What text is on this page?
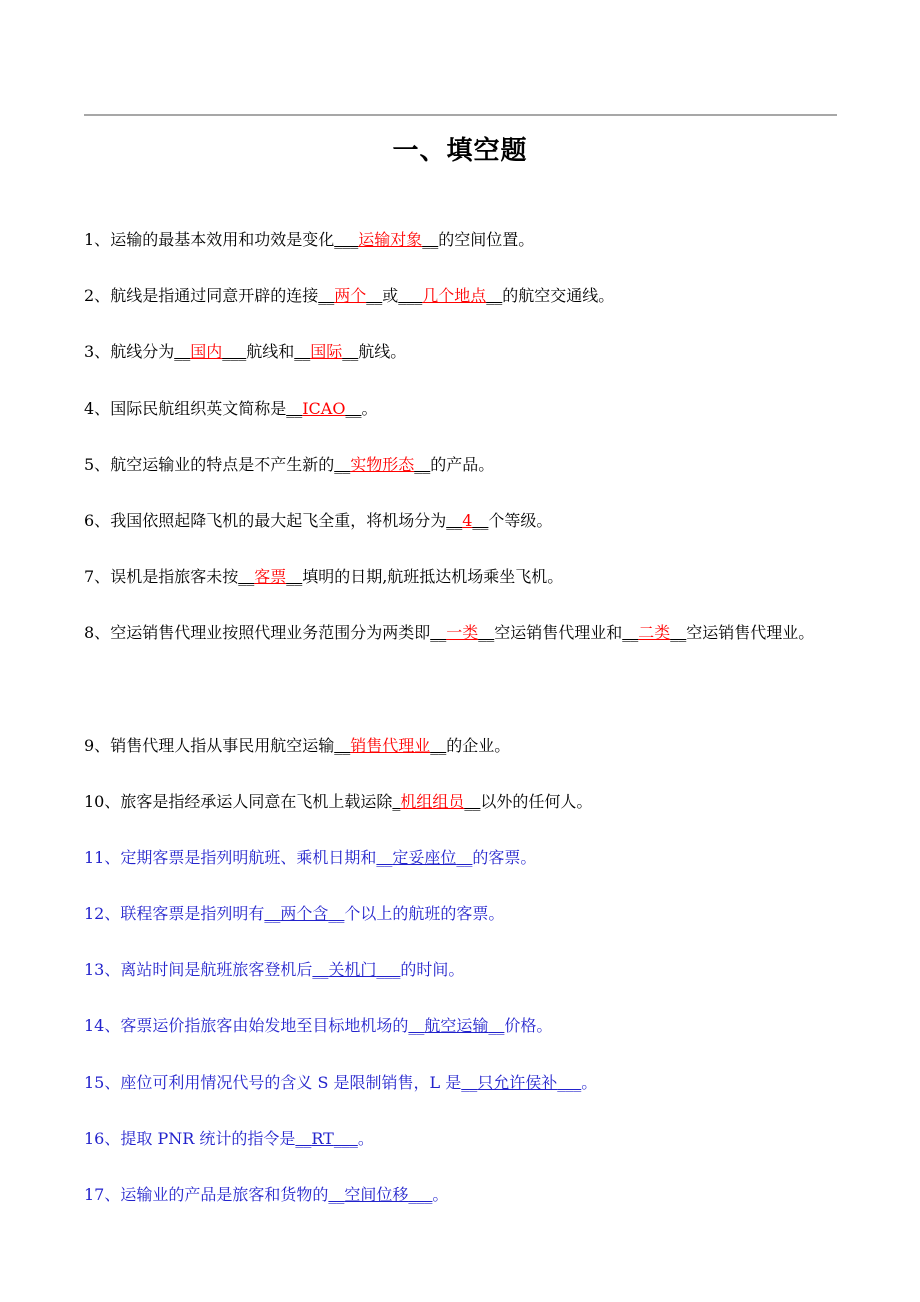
一、填空题
1、运输的最基本效用和功效是变化___运输对象__的空间位置。
2、航线是指通过同意开辟的连接__两个__或___几个地点__的航空交通线。
3、航线分为__国内___航线和__国际__航线。
4、国际民航组织英文简称是__ICAO__。
5、航空运输业的特点是不产生新的__实物形态__的产品。
6、我国依照起降飞机的最大起飞全重，将机场分为__4__个等级。
7、误机是指旅客未按__客票__填明的日期,航班抵达机场乘坐飞机。
8、空运销售代理业按照代理业务范围分为两类即__一类__空运销售代理业和__二类__空运销售代理业。
9、销售代理人指从事民用航空运输__销售代理业__的企业。
10、旅客是指经承运人同意在飞机上载运除_机组组员__以外的任何人。
11、定期客票是指列明航班、乘机日期和__定妥座位__的客票。
12、联程客票是指列明有__两个含__个以上的航班的客票。
13、离站时间是航班旅客登机后__关机门___的时间。
14、客票运价指旅客由始发地至目标地机场的__航空运输__价格。
15、座位可利用情况代号的含义 S 是限制销售，L 是__只允许侯补___。
16、提取 PNR 统计的指令是__RT___。
17、运输业的产品是旅客和货物的__空间位移___。
